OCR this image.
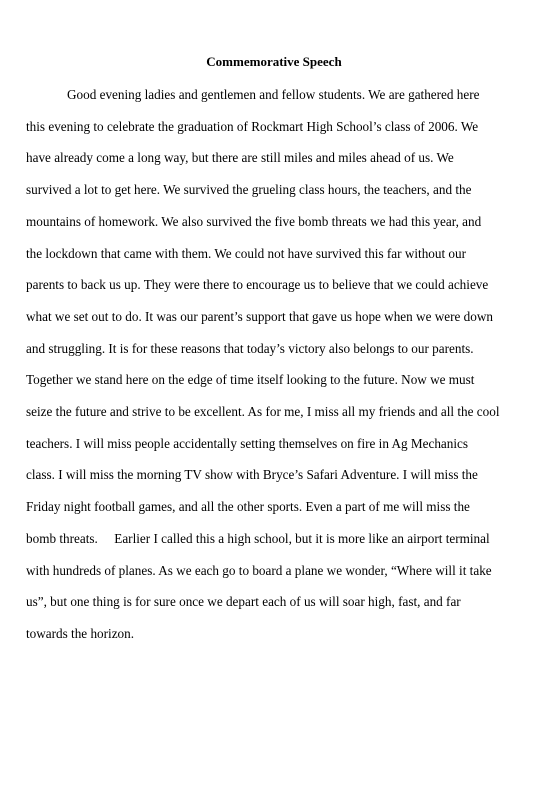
Commemorative Speech
Good evening ladies and gentlemen and fellow students. We are gathered here
this evening to celebrate the graduation of Rockmart High School’s class of 2006. We
have already come a long way, but there are still miles and miles ahead of us. We
survived a lot to get here. We survived the grueling class hours, the teachers, and the
mountains of homework. We also survived the five bomb threats we had this year, and
the lockdown that came with them. We could not have survived this far without our
parents to back us up. They were there to encourage us to believe that we could achieve
what we set out to do. It was our parent’s support that gave us hope when we were down
and struggling. It is for these reasons that today’s victory also belongs to our parents.
Together we stand here on the edge of time itself looking to the future. Now we must
seize the future and strive to be excellent. As for me, I miss all my friends and all the cool
teachers. I will miss people accidentally setting themselves on fire in Ag Mechanics
class. I will miss the morning TV show with Bryce’s Safari Adventure. I will miss the
Friday night football games, and all the other sports. Even a part of me will miss the
bomb threats.     Earlier I called this a high school, but it is more like an airport terminal
with hundreds of planes. As we each go to board a plane we wonder, “Where will it take
us”, but one thing is for sure once we depart each of us will soar high, fast, and far
towards the horizon.
